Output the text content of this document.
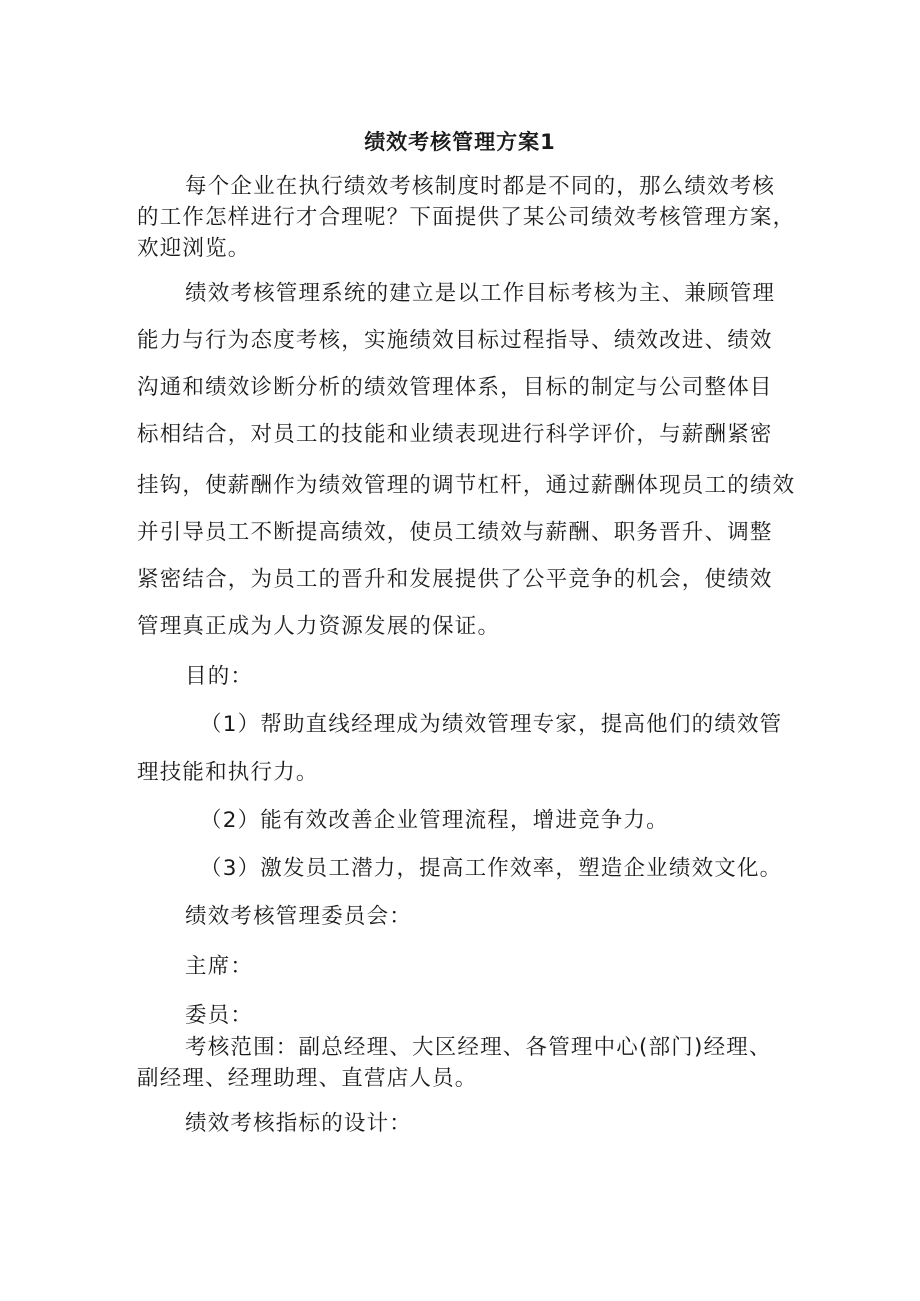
绩效考核管理方案1
每个企业在执行绩效考核制度时都是不同的，那么绩效考核
的工作怎样进行才合理呢？下面提供了某公司绩效考核管理方案，
欢迎浏览。
绩效考核管理系统的建立是以工作目标考核为主、兼顾管理
能力与行为态度考核，实施绩效目标过程指导、绩效改进、绩效
沟通和绩效诊断分析的绩效管理体系，目标的制定与公司整体目
标相结合，对员工的技能和业绩表现进行科学评价，与薪酬紧密
挂钩，使薪酬作为绩效管理的调节杠杆，通过薪酬体现员工的绩效
并引导员工不断提高绩效，使员工绩效与薪酬、职务晋升、调整
紧密结合，为员工的晋升和发展提供了公平竞争的机会，使绩效
管理真正成为人力资源发展的保证。
目的：
（1）帮助直线经理成为绩效管理专家，提高他们的绩效管
理技能和执行力。
（2）能有效改善企业管理流程，增进竞争力。
（3）激发员工潜力，提高工作效率，塑造企业绩效文化。
绩效考核管理委员会：
主席：
委员：
考核范围：副总经理、大区经理、各管理中心(部门)经理、
副经理、经理助理、直营店人员。
绩效考核指标的设计：
